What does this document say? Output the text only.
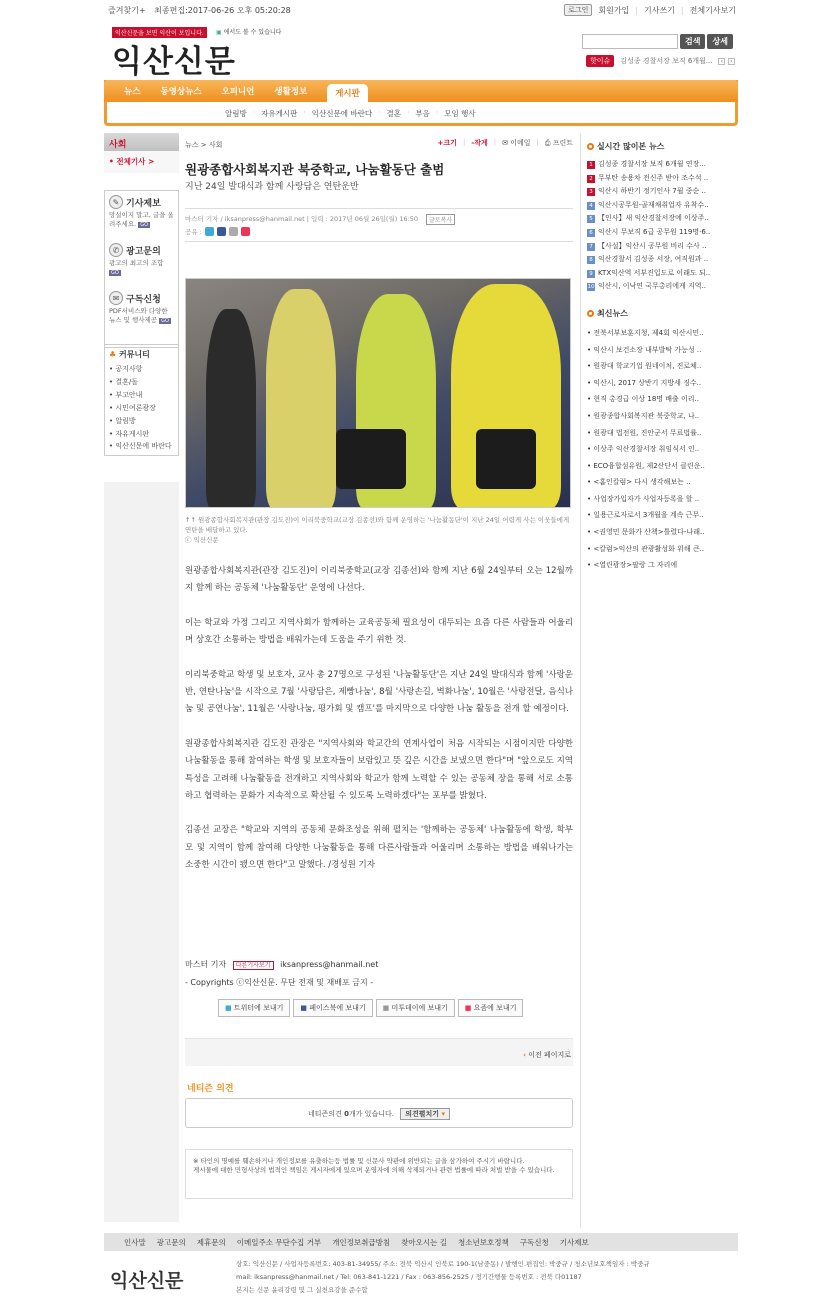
즐겨찾기+ 최종편집:2017-06-26 오후 05:20:28	로그인	회원가입 | 기사쓰기 | 전체기사보기
익산신문을 보면 익산이 보입니다.	▣ 에서도 볼 수 있습니다
익산신문
검색	상세
핫이슈	김성종 경찰서장 보직 6개월...	‹ ›
뉴스 동영상뉴스 오피니언 생활정보	게시판
알림방 · 자유게시판 · 익산신문에 바란다 · 결혼 · 부음 · 모임 행사
사회
• 전체기사 >
✎ 기사제보
망설이지 말고, 글을 올려주세요. GO
✆ 광고문의
광고의 최고의 조합 GO
✉ 구독신청
PDF서비스와 다양한 뉴스 및 행사제공 GO
♣ 커뮤니티
• 공지사항
• 결혼/돌
• 부고안내
• 시민여론광장
• 알림방
• 자유게시판
• 익산신문에 바란다
뉴스 > 사회	+크기 | -작게 | ✉ 이메일 | ⎙ 프린트
원광종합사회복지관 북중학교, 나눔활동단 출범
지난 24일 발대식과 함께 사랑담은 연탄운반
마스터 기자 / iksanpress@hanmail.net | 입력 : 2017년 06월 26일(월) 16:50	글로복사
공유 :
↑↑ 원광종합사회복지관(관장 김도진)이 이리북중학교(교장 김종선)와 함께 운영하는 '나눔활동단'이 지난 24일 어렵게 사는 이웃들에게 연탄을 배달하고 있다.
ⓒ 익산신문

원광종합사회복지관(관장 김도진)이 이리북중학교(교장 김종선)와 함께 지난 6월 24일부터 오는 12월까지 함께 하는 공동체 '나눔활동단' 운영에 나선다.

이는 학교와 가정 그리고 지역사회가 함께하는 교육공동체 필요성이 대두되는 요즘 다른 사람들과 어울리며 상호간 소통하는 방법을 배워가는데 도움을 주기 위한 것.

이리북중학교 학생 및 보호자, 교사 총 27명으로 구성된 '나눔활동단'은 지난 24일 발대식과 함께 '사랑운반, 연탄나눔'을 시작으로 7월 '사랑담은, 제빵나눔', 8월 '사랑손길, 벽화나눔', 10월은 '사랑전달, 음식나눔 및 공연나눔', 11월은 '사랑나눔, 평가회 및 캠프'를 마지막으로 다양한 나눔 활동을 전개 할 예정이다.

원광종합사회복지관 김도진 관장은 "지역사회와 학교간의 연계사업이 처음 시작되는 시점이지만 다양한 나눔활동을 통해 참여하는 학생 및 보호자들이 보람있고 뜻 깊은 시간을 보냈으면 한다"며 "앞으로도 지역 특성을 고려해 나눔활동을 전개하고 지역사회와 학교가 함께 노력할 수 있는 공동체 장을 통해 서로 소통하고 협력하는 문화가 지속적으로 확산될 수 있도록 노력하겠다"는 포부를 밝혔다.

김종선 교장은 "학교와 지역의 공동체 문화조성을 위해 펼치는 '함께하는 공동체' 나눔활동에 학생, 학부모 및 지역이 함께 참여해 다양한 나눔활동을 통해 다른사람들과 어울리며 소통하는 방법을 배워나가는 소중한 시간이 됐으면 한다"고 말했다. /경성원 기자

마스터 기자 다른기사보기 iksanpress@hanmail.net
- Copyrights ⓒ익산신문. 무단 전재 및 재배포 금지 -
■ 트위터에 보내기	■ 페이스북에 보내기	■ 미투데이에 보내기	■ 요즘에 보내기
‹ 이전 페이지로
네티즌 의견
네티즌의견 0개가 있습니다. 의견펼치기 ▾
※ 타인의 명예를 훼손하거나 개인정보를 유출하는등 법률 및 신문사 약관에 위반되는 글을 삼가하여 주시기 바랍니다.
게시물에 대한 민형사상의 법적인 책임은 게시자에게 있으며 운영자에 의해 삭제되거나 관련 법률에 따라 처벌 받을 수 있습니다.
실시간 많이본 뉴스
1 김성종 경찰서장 보직 6개월 연장...
2 무부탄 송용차 전신주 받아 조수석 ..
3 익산시 하반기 정기인사 7월 중순 ..
4 익산시공무원-골재채취업자 유착수..
5 【인사】새 익산경찰서장에 이상주..
6 익산시 무보직 6급 공무원 119명·6..
7 【사설】익산시 공무원 비리 수사 ..
8 익산경찰서 김성종 서장, 여직원과 ..
9 KTX익산역 서부진입도로 이래도 되..
10 익산시, 이낙연 국무총리에게 지역..
최신뉴스
• 전북서부보훈지청, 제4회 익산시민..
• 익산시 보건소장 내부발탁 가능성 ..
• 원광대 학교기업 원네이처, 진로체..
• 익산시, 2017 상반기 지방세 징수..
• 현직 총경급 이상 18명 배출 이리..
• 원광종합사회복지관 북중학교, 나..
• 원광대 법전원, 진안군서 무료법률..
• 이상주 익산경찰서장 취임식서 인..
• ECO융합섬유원, 제2산단서 클린운..
• <홈인칼럼> 다시 생각해보는 ..
• 사업장가입자가 사업자등록을 할 ..
• 일용근로자로서 3개월을 계속 근무..
• <권영민 문화가 산책>틀렸다-나래..
• <칼럼>익산의 관광활성화 위해 큰..
• <열린광장>팔랑 그 자리에
인사말 광고문의 제휴문의 이메일주소 무단수집 거부 개인정보취급방침 찾아오시는 길 청소년보호정책 구독신청 기사제보
익산신문
상호: 익산신문 / 사업자등록번호: 403-81-34955/ 주소: 전북 익산시 인북로 190-1(남중동) / 발행인.편집인: 박중규 / 청소년보호책임자 : 박중규
mail: iksanpress@hanmail.net / Tel: 063-841-1221 / Fax : 063-856-2525 / 정기간행물 등록번호 : 전북 다01187
본지는 신문 윤리강령 및 그 실천요강을 준수합
